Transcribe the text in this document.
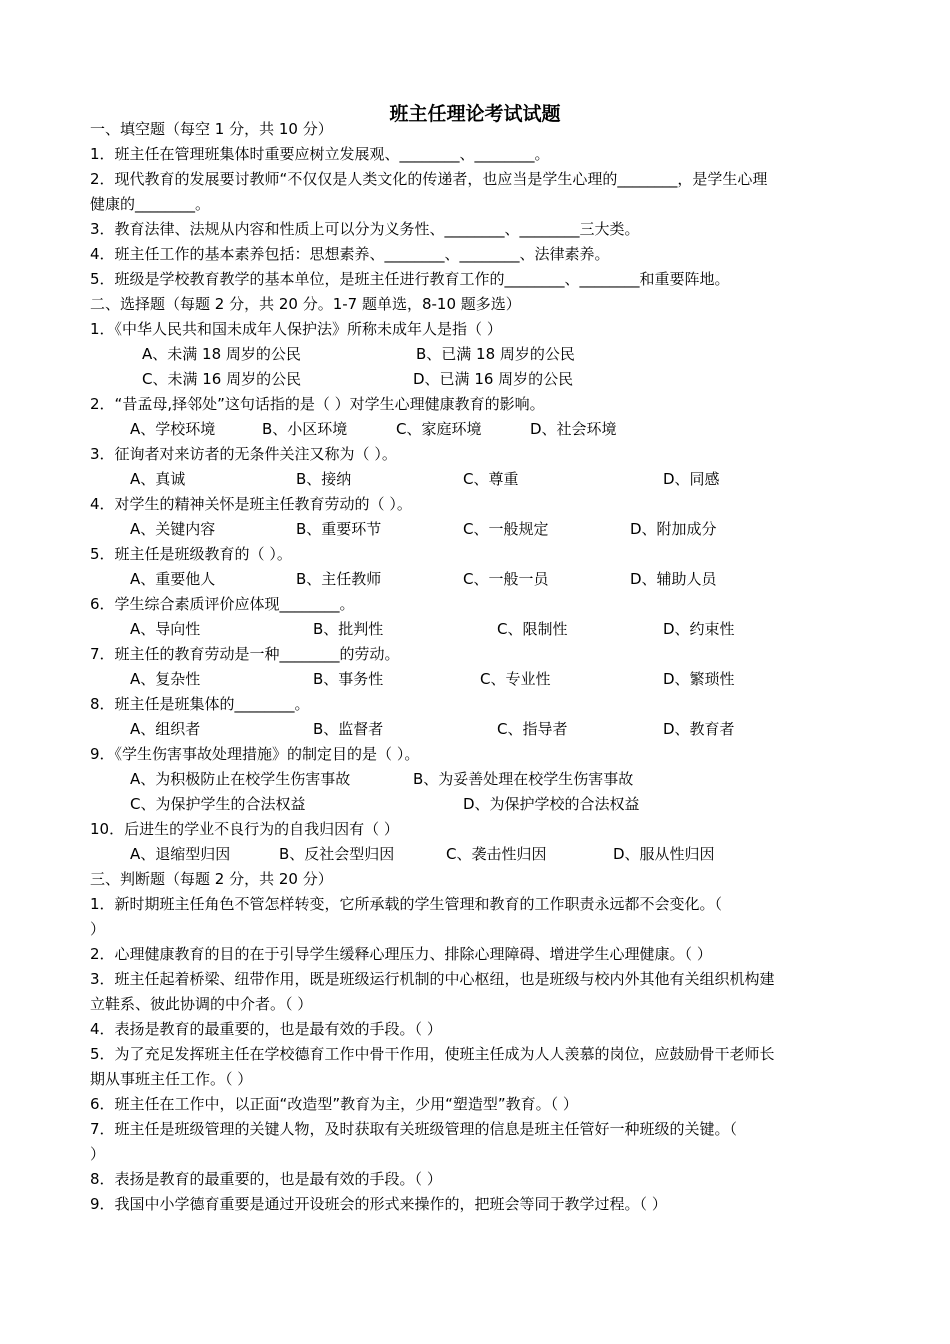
班主任理论考试试题
一、填空题（每空 1 分，共 10 分）
1．班主任在管理班集体时重要应树立发展观、________、________。
2．现代教育的发展要讨教师“不仅仅是人类文化的传递者，也应当是学生心理的________，是学生心理
健康的________。
3．教育法律、法规从内容和性质上可以分为义务性、________、________三大类。
4．班主任工作的基本素养包括：思想素养、________、________、法律素养。
5．班级是学校教育教学的基本单位，是班主任进行教育工作的________、________和重要阵地。
二、选择题（每题 2 分，共 20 分。1-7 题单选，8-10 题多选）
1．《中华人民共和国未成年人保护法》所称未成年人是指（ ）
A、未满 18 周岁的公民	B、已满 18 周岁的公民
C、未满 16 周岁的公民	D、已满 16 周岁的公民
2．“昔孟母,择邻处”这句话指的是（ ）对学生心理健康教育的影响。
A、学校环境	B、小区环境	C、家庭环境	D、社会环境
3．征询者对来访者的无条件关注又称为（ ）。
A、真诚	B、接纳	C、尊重	D、同感
4．对学生的精神关怀是班主任教育劳动的（ ）。
A、关键内容	B、重要环节	C、一般规定	D、附加成分
5．班主任是班级教育的（ ）。
A、重要他人	B、主任教师	C、一般一员	D、辅助人员
6．学生综合素质评价应体现________。
A、导向性	B、批判性	C、限制性	D、约束性
7．班主任的教育劳动是一种________的劳动。
A、复杂性	B、事务性	C、专业性	D、繁琐性
8．班主任是班集体的________。
A、组织者	B、监督者	C、指导者	D、教育者
9．《学生伤害事故处理措施》的制定目的是（ ）。
A、为积极防止在校学生伤害事故	B、为妥善处理在校学生伤害事故
C、为保护学生的合法权益	D、为保护学校的合法权益
10．后进生的学业不良行为的自我归因有（ ）
A、退缩型归因	B、反社会型归因	C、袭击性归因	D、服从性归因
三、判断题（每题 2 分，共 20 分）
1．新时期班主任角色不管怎样转变，它所承载的学生管理和教育的工作职责永远都不会变化。（
）
2．心理健康教育的目的在于引导学生缓释心理压力、排除心理障碍、增进学生心理健康。（ ）
3．班主任起着桥梁、纽带作用，既是班级运行机制的中心枢纽，也是班级与校内外其他有关组织机构建
立鞋系、彼此协调的中介者。（ ）
4．表扬是教育的最重要的，也是最有效的手段。（ ）
5．为了充足发挥班主任在学校德育工作中骨干作用，使班主任成为人人羡慕的岗位，应鼓励骨干老师长
期从事班主任工作。（ ）
6．班主任在工作中，以正面“改造型”教育为主，少用“塑造型”教育。（ ）
7．班主任是班级管理的关键人物，及时获取有关班级管理的信息是班主任管好一种班级的关键。（
）
8．表扬是教育的最重要的，也是最有效的手段。（ ）
9．我国中小学德育重要是通过开设班会的形式来操作的，把班会等同于教学过程。（ ）
